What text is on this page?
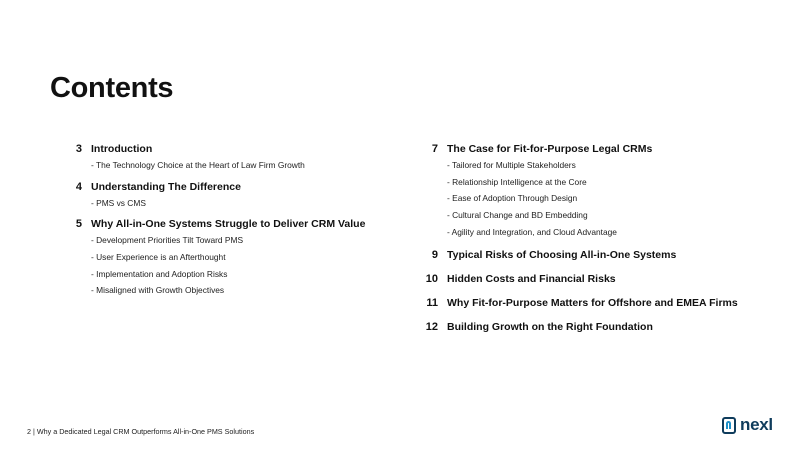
Contents
3 Introduction
- The Technology Choice at the Heart of Law Firm Growth
4 Understanding The Difference
- PMS vs CMS
5 Why All-in-One Systems Struggle to Deliver CRM Value
- Development Priorities Tilt Toward PMS
- User Experience is an Afterthought
- Implementation and Adoption Risks
- Misaligned with Growth Objectives
7 The Case for Fit-for-Purpose Legal CRMs
- Tailored for Multiple Stakeholders
- Relationship Intelligence at the Core
- Ease of Adoption Through Design
- Cultural Change and BD Embedding
- Agility and Integration, and Cloud Advantage
9 Typical Risks of Choosing All-in-One Systems
10 Hidden Costs and Financial Risks
11 Why Fit-for-Purpose Matters for Offshore and EMEA Firms
12 Building Growth on the Right Foundation
2 | Why a Dedicated Legal CRM Outperforms All-in-One PMS Solutions	nexl
